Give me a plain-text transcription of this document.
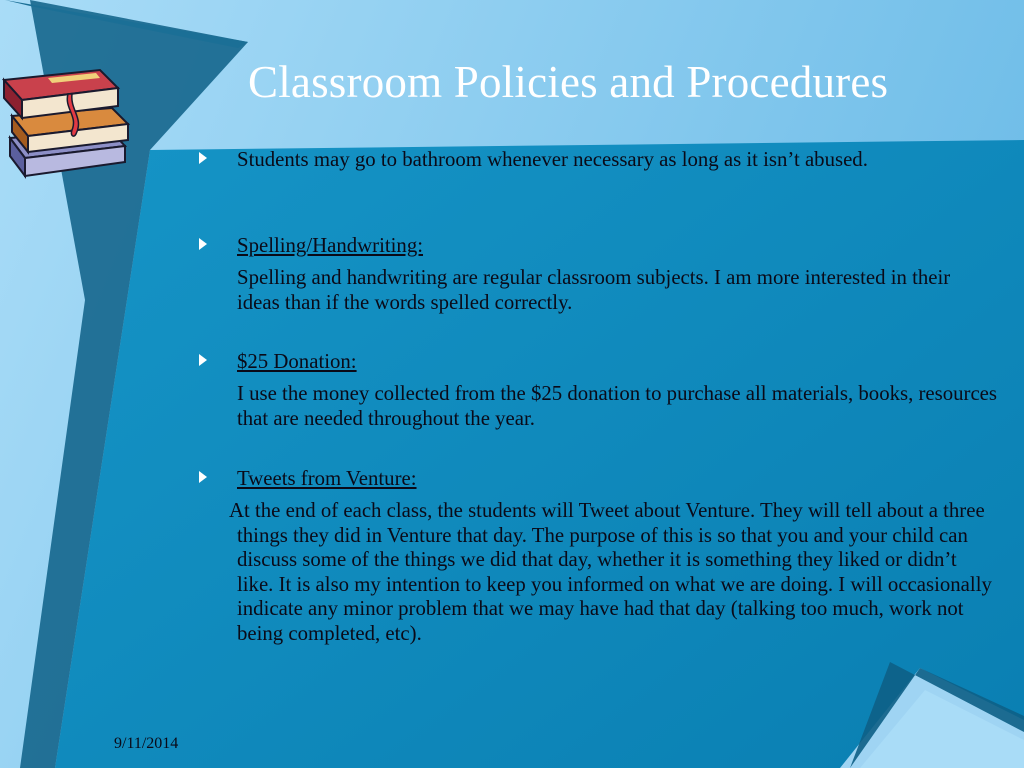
Classroom Policies and Procedures
Students may go to bathroom whenever necessary as long as it isn’t abused.
Spelling/Handwriting:
Spelling and handwriting are regular classroom subjects. I am more interested in their ideas than if the words spelled correctly.
$25 Donation:
I use the money collected from the $25 donation to purchase all materials, books, resources that are needed throughout the year.
Tweets from Venture:
At the end of each class, the students will Tweet about Venture. They will tell about a three things they did in Venture that day. The purpose of this is so that you and your child can discuss some of the things we did that day, whether it is something they liked or didn’t like. It is also my intention to keep you informed on what we are doing. I will occasionally indicate any minor problem that we may have had that day (talking too much, work not being completed, etc).
9/11/2014
